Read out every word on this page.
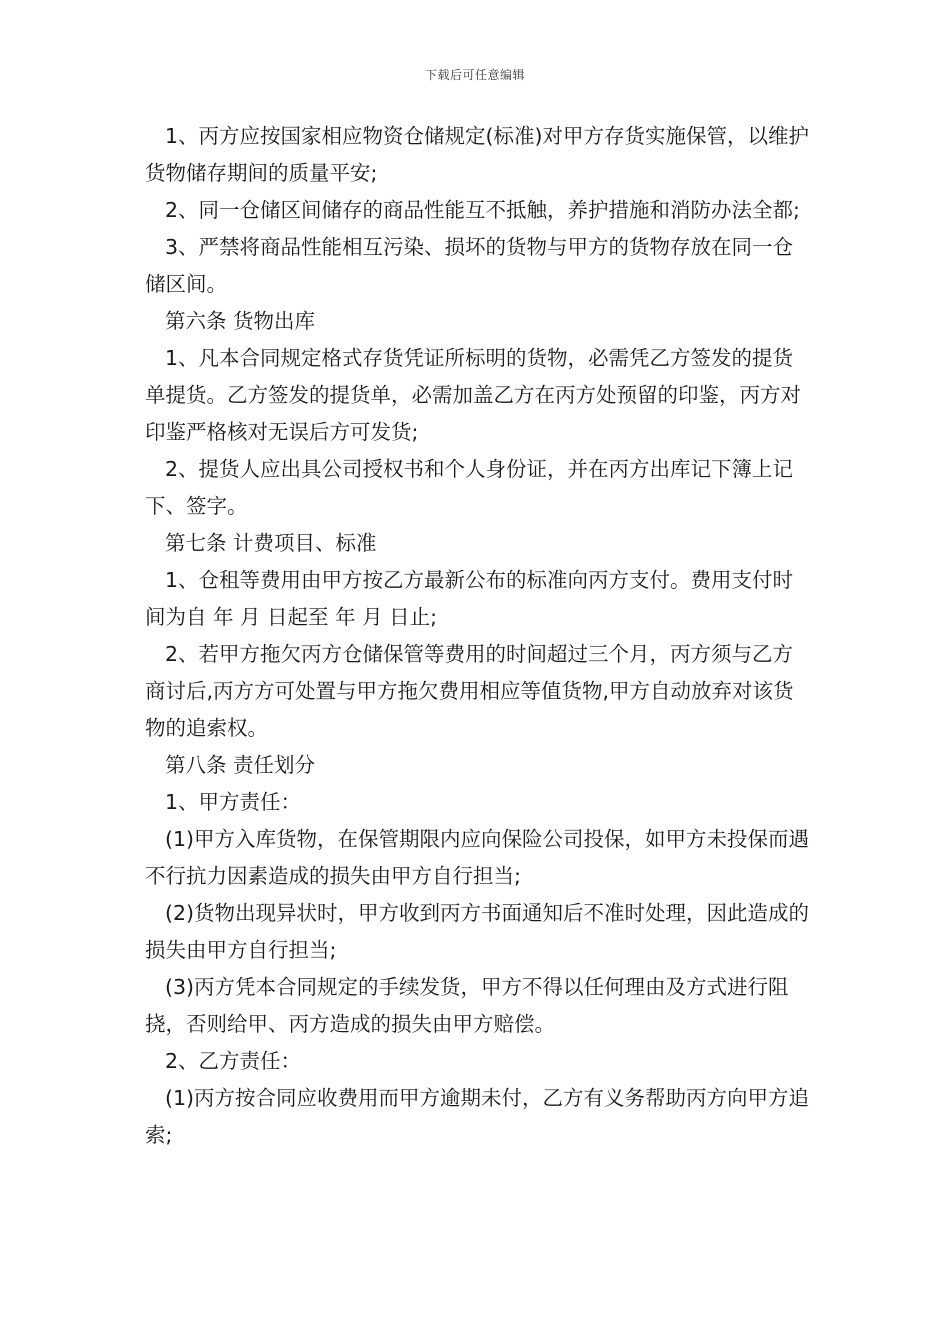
下载后可任意编辑

1、丙方应按国家相应物资仓储规定(标准)对甲方存货实施保管，以维护货物储存期间的质量平安;

2、同一仓储区间储存的商品性能互不抵触，养护措施和消防办法全都;

3、严禁将商品性能相互污染、损坏的货物与甲方的货物存放在同一仓储区间。

第六条 货物出库

1、凡本合同规定格式存货凭证所标明的货物，必需凭乙方签发的提货单提货。乙方签发的提货单，必需加盖乙方在丙方处预留的印鉴，丙方对印鉴严格核对无误后方可发货;

2、提货人应出具公司授权书和个人身份证，并在丙方出库记下簿上记下、签字。

第七条 计费项目、标准

1、仓租等费用由甲方按乙方最新公布的标准向丙方支付。费用支付时间为自 年 月 日起至 年 月 日止;

2、若甲方拖欠丙方仓储保管等费用的时间超过三个月，丙方须与乙方商讨后,丙方方可处置与甲方拖欠费用相应等值货物,甲方自动放弃对该货物的追索权。

第八条 责任划分

1、甲方责任：

(1)甲方入库货物，在保管期限内应向保险公司投保，如甲方未投保而遇不行抗力因素造成的损失由甲方自行担当;

(2)货物出现异状时，甲方收到丙方书面通知后不准时处理，因此造成的损失由甲方自行担当;

(3)丙方凭本合同规定的手续发货，甲方不得以任何理由及方式进行阻挠，否则给甲、丙方造成的损失由甲方赔偿。

2、乙方责任：

(1)丙方按合同应收费用而甲方逾期未付，乙方有义务帮助丙方向甲方追索;
